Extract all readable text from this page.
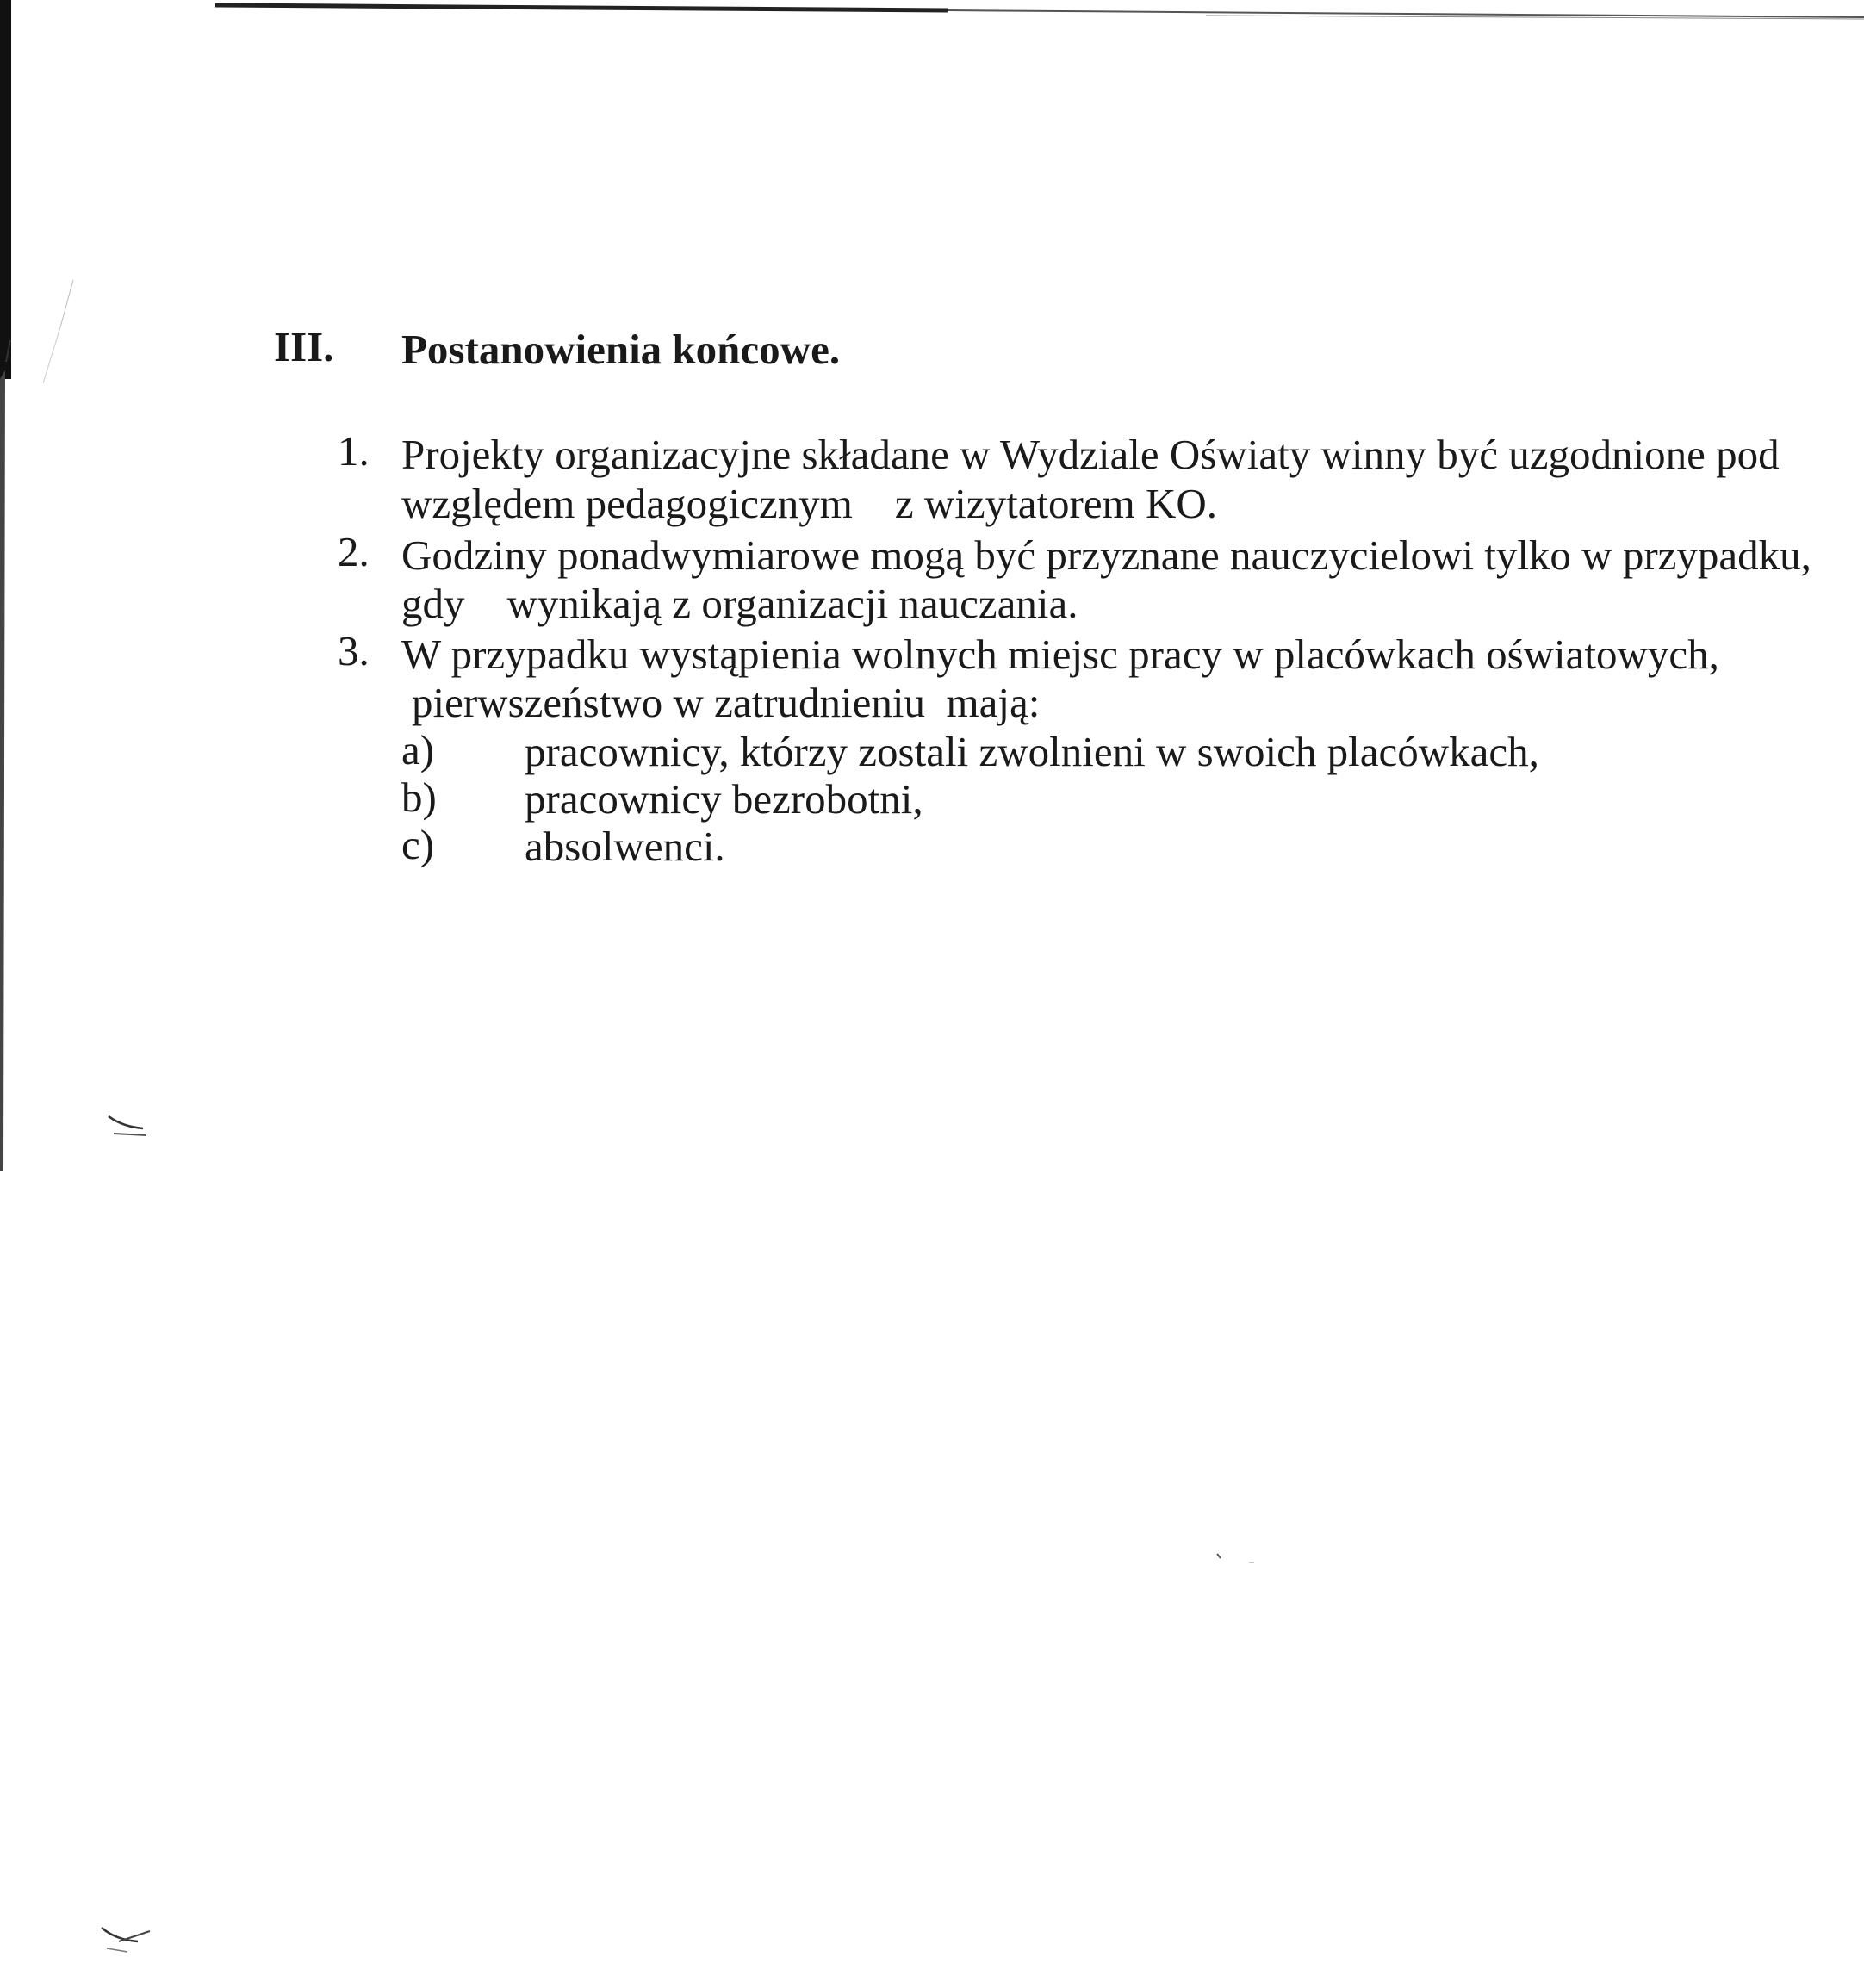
III. Postanowienia końcowe.
1. Projekty organizacyjne składane w Wydziale Oświaty winny być uzgodnione pod
względem pedagogicznym    z wizytatorem KO.
2. Godziny ponadwymiarowe mogą być przyznane nauczycielowi tylko w przypadku,
gdy    wynikają z organizacji nauczania.
3. W przypadku wystąpienia wolnych miejsc pracy w placówkach oświatowych,
pierwszeństwo w zatrudnieniu  mają:
a) pracownicy, którzy zostali zwolnieni w swoich placówkach,
b) pracownicy bezrobotni,
c) absolwenci.
